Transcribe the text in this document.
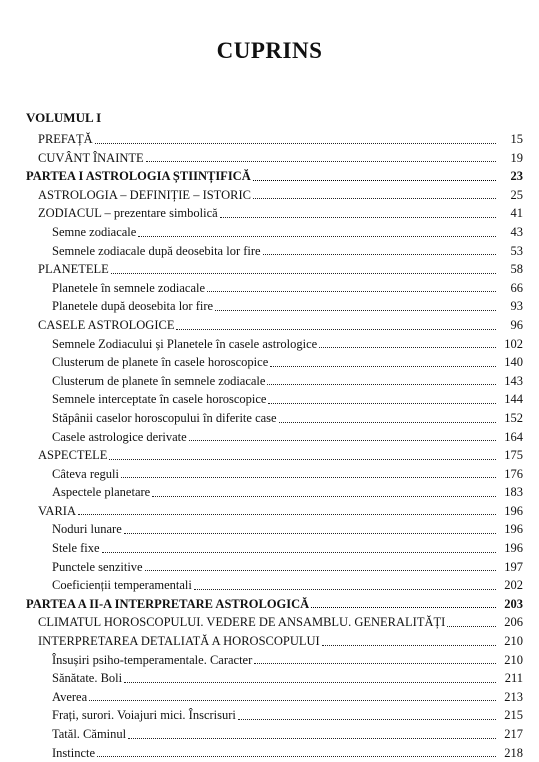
CUPRINS
VOLUMUL I
PREFAȚĂ	15
CUVÂNT ÎNAINTE	19
PARTEA I ASTROLOGIA ȘTIINȚIFICĂ	23
ASTROLOGIA – DEFINIȚIE – ISTORIC	25
ZODIACUL – prezentare simbolică	41
Semne zodiacale	43
Semnele zodiacale după deosebita lor fire	53
PLANETELE	58
Planetele în semnele zodiacale	66
Planetele după deosebita lor fire	93
CASELE ASTROLOGICE	96
Semnele Zodiacului și Planetele în casele astrologice	102
Clusterum de planete în casele horoscopice	140
Clusterum de planete în semnele zodiacale	143
Semnele interceptate în casele horoscopice	144
Stăpânii caselor horoscopului în diferite case	152
Casele astrologice derivate	164
ASPECTELE	175
Câteva reguli	176
Aspectele planetare	183
VARIA	196
Noduri lunare	196
Stele fixe	196
Punctele senzitive	197
Coeficienții temperamentali	202
PARTEA A II-A INTERPRETARE ASTROLOGICĂ	203
CLIMATUL HOROSCOPULUI. VEDERE DE ANSAMBLU. GENERALITĂȚI	206
INTERPRETAREA DETALIATĂ A HOROSCOPULUI	210
Însușiri psiho-temperamentale. Caracter	210
Sănătate. Boli	211
Averea	213
Frați, surori. Voiajuri mici. Înscrisuri	215
Tatăl. Căminul	217
Instincte	218
